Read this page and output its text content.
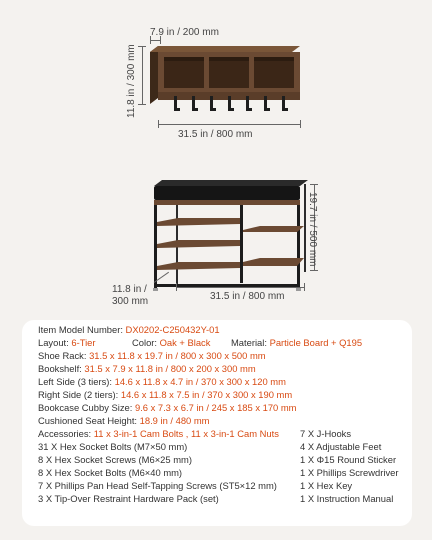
7.9 in / 200 mm
11.8 in / 300 mm
31.5 in / 800 mm
19.7 in / 500 mm
11.8 in /
300 mm	31.5 in / 800 mm
Item Model Number: DX0202-C250432Y-01
Layout: 6-Tier	Color: Oak + Black Material: Particle Board + Q195
Shoe Rack: 31.5 x 11.8 x 19.7 in / 800 x 300 x 500 mm
Bookshelf: 31.5 x 7.9 x 11.8 in / 800 x 200 x 300 mm
Left Side (3 tiers): 14.6 x 11.8 x 4.7 in / 370 x 300 x 120 mm
Right Side (2 tiers): 14.6 x 11.8 x 7.5 in / 370 x 300 x 190 mm
Bookcase Cubby Size: 9.6 x 7.3 x 6.7 in / 245 x 185 x 170 mm
Cushioned Seat Height: 18.9 in / 480 mm
Accessories: 11 x 3-in-1 Cam Bolts , 11 x 3-in-1 Cam Nuts
31 X Hex Socket Bolts (M7×50 mm)
8 X Hex Socket Screws (M6×25 mm)
8 X Hex Socket Bolts (M6×40 mm)
7 X Phillips Pan Head Self-Tapping Screws (ST5×12 mm)
3 X Tip-Over Restraint Hardware Pack (set)
7 X J-Hooks
4 X Adjustable Feet
1 X Φ15 Round Sticker
1 X Phillips Screwdriver
1 X Hex Key
1 X Instruction Manual
